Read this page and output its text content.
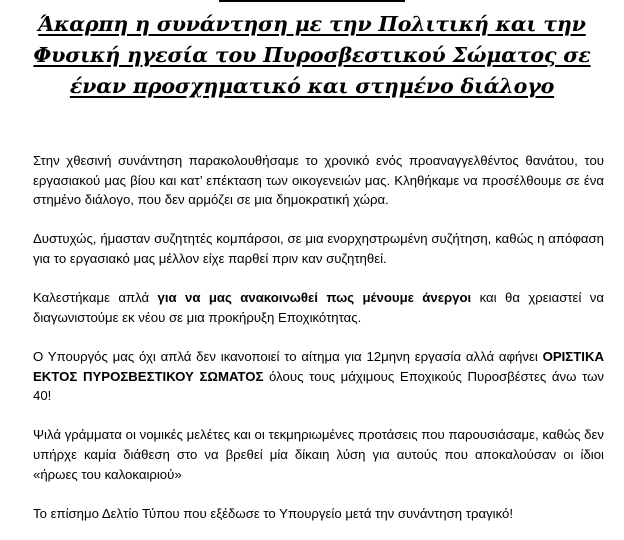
Άκαρπη η συνάντηση με την Πολιτική και την
Φυσική ηγεσία του Πυροσβεστικού Σώματος σε
έναν προσχηματικό και στημένο διάλογο

Στην χθεσινή συνάντηση παρακολουθήσαμε το χρονικό ενός προαναγγελθέντος θανάτου, του εργασιακού μας βίου και κατ’ επέκταση των οικογενειών μας. Κληθήκαμε να προσέλθουμε σε ένα στημένο διάλογο, που δεν αρμόζει σε μια δημοκρατική χώρα.

Δυστυχώς, ήμασταν συζητητές κομπάρσοι, σε μια ενορχηστρωμένη συζήτηση, καθώς η απόφαση για το εργασιακό μας μέλλον είχε παρθεί πριν καν συζητηθεί.

Καλεστήκαμε απλά για να μας ανακοινωθεί πως μένουμε άνεργοι και θα χρειαστεί να διαγωνιστούμε εκ νέου σε μια προκήρυξη Εποχικότητας.

Ο Υπουργός μας όχι απλά δεν ικανοποιεί το αίτημα για 12μηνη εργασία αλλά αφήνει ΟΡΙΣΤΙΚΑ ΕΚΤΟΣ ΠΥΡΟΣΒΕΣΤΙΚΟΥ ΣΩΜΑΤΟΣ όλους τους μάχιμους Εποχικούς Πυροσβέστες άνω των 40!

Ψιλά γράμματα οι νομικές μελέτες και οι τεκμηριωμένες προτάσεις που παρουσιάσαμε, καθώς δεν υπήρχε καμία διάθεση στο να βρεθεί μία δίκαιη λύση για αυτούς που αποκαλούσαν οι ίδιοι «ήρωες του καλοκαιριού»

Το επίσημο Δελτίο Τύπου που εξέδωσε το Υπουργείο μετά την συνάντηση τραγικό!
